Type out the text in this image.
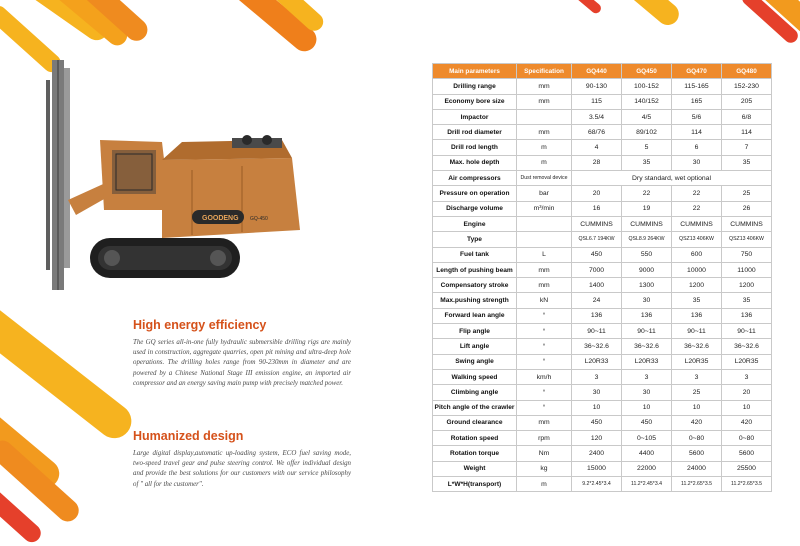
GOODENG GQ-450
High energy efficiency

The GQ series all-in-one fully hydraulic submersible drilling rigs are mainly used in construction, aggregate quarries, open pit mining and ultra-deep hole operations. The drilling holes range from 90-230mm in diameter and are powered by a Chinese National Stage III emission engine, an imported air compressor and an energy saving main pump with precisely matched power.

Humanized design

Large digital display,automatic up-loading system, ECO fuel saving mode, two-speed travel gear and pulse steering control. We offer individual design and provide the best solutions for our customers with our service philosophy of " all for the customer".

Main parameters	Specification	GQ440	GQ450	GQ470	GQ480
Drilling range	mm	90-130	100-152	115-165	152-230
Economy bore size	mm	115	140/152	165	205
Impactor		3.5/4	4/5	5/6	6/8
Drill rod diameter	mm	68/76	89/102	114	114
Drill rod length	m	4	5	6	7
Max. hole depth	m	28	35	30	35
Air compressors	Dust removal device	Dry standard, wet optional			
Pressure on operation	bar	20	22	22	25
Discharge volume	m³/min	16	19	22	26
Engine		CUMMINS	CUMMINS	CUMMINS	CUMMINS
Type		QSL6.7 194KW	QSL8.9 264KW	QSZ13 406KW	QSZ13 406KW
Fuel tank	L	450	550	600	750
Length of pushing beam	mm	7000	9000	10000	11000
Compensatory stroke	mm	1400	1300	1200	1200
Max.pushing strength	kN	24	30	35	35
Forward lean angle	°	136	136	136	136
Flip angle	°	90~11	90~11	90~11	90~11
Lift angle	°	36~32.6	36~32.6	36~32.6	36~32.6
Swing angle	°	L20R33	L20R33	L20R35	L20R35
Walking speed	km/h	3	3	3	3
Climbing angle	°	30	30	25	20
Pitch angle of the crawler	°	10	10	10	10
Ground clearance	mm	450	450	420	420
Rotation speed	rpm	120	0~105	0~80	0~80
Rotation torque	Nm	2400	4400	5600	5600
Weight	kg	15000	22000	24000	25500
L*W*H(transport)	m	9.2*2.45*3.4	11.2*2.45*3.4	11.2*2.65*3.5	11.2*2.65*3.5
